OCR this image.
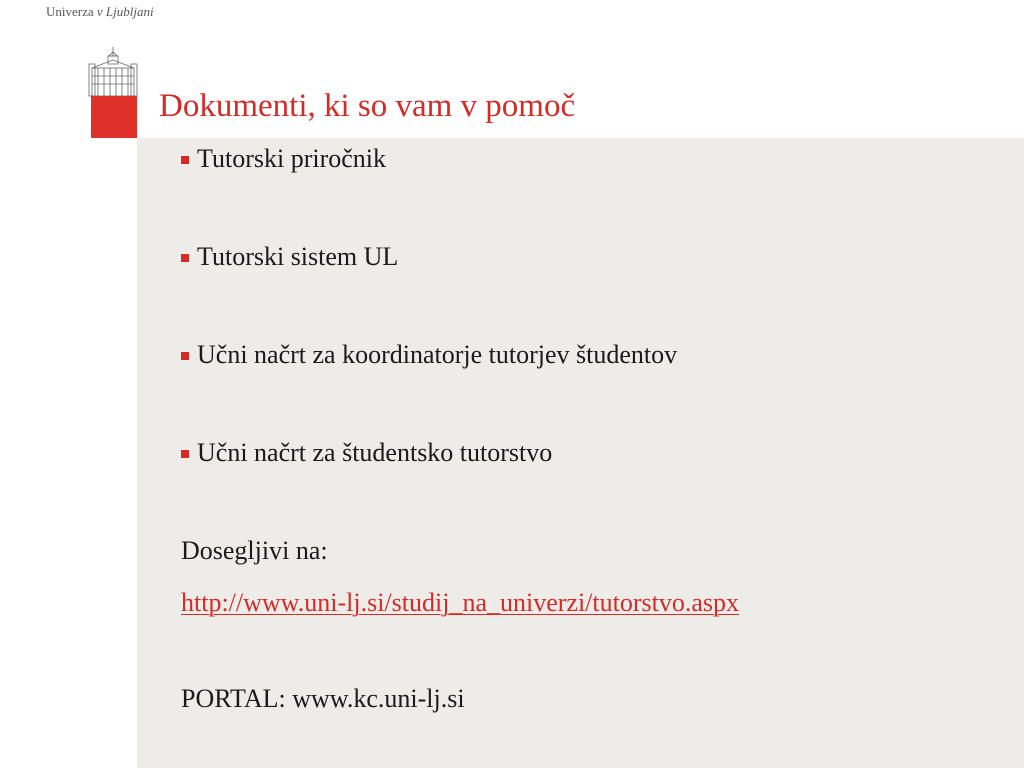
Univerza v Ljubljani
Dokumenti, ki so vam v pomoč
Tutorski priročnik
Tutorski sistem UL
Učni načrt za koordinatorje tutorjev študentov
Učni načrt za študentsko tutorstvo
Dosegljivi na:
http://www.uni-lj.si/studij_na_univerzi/tutorstvo.aspx
PORTAL: www.kc.uni-lj.si
